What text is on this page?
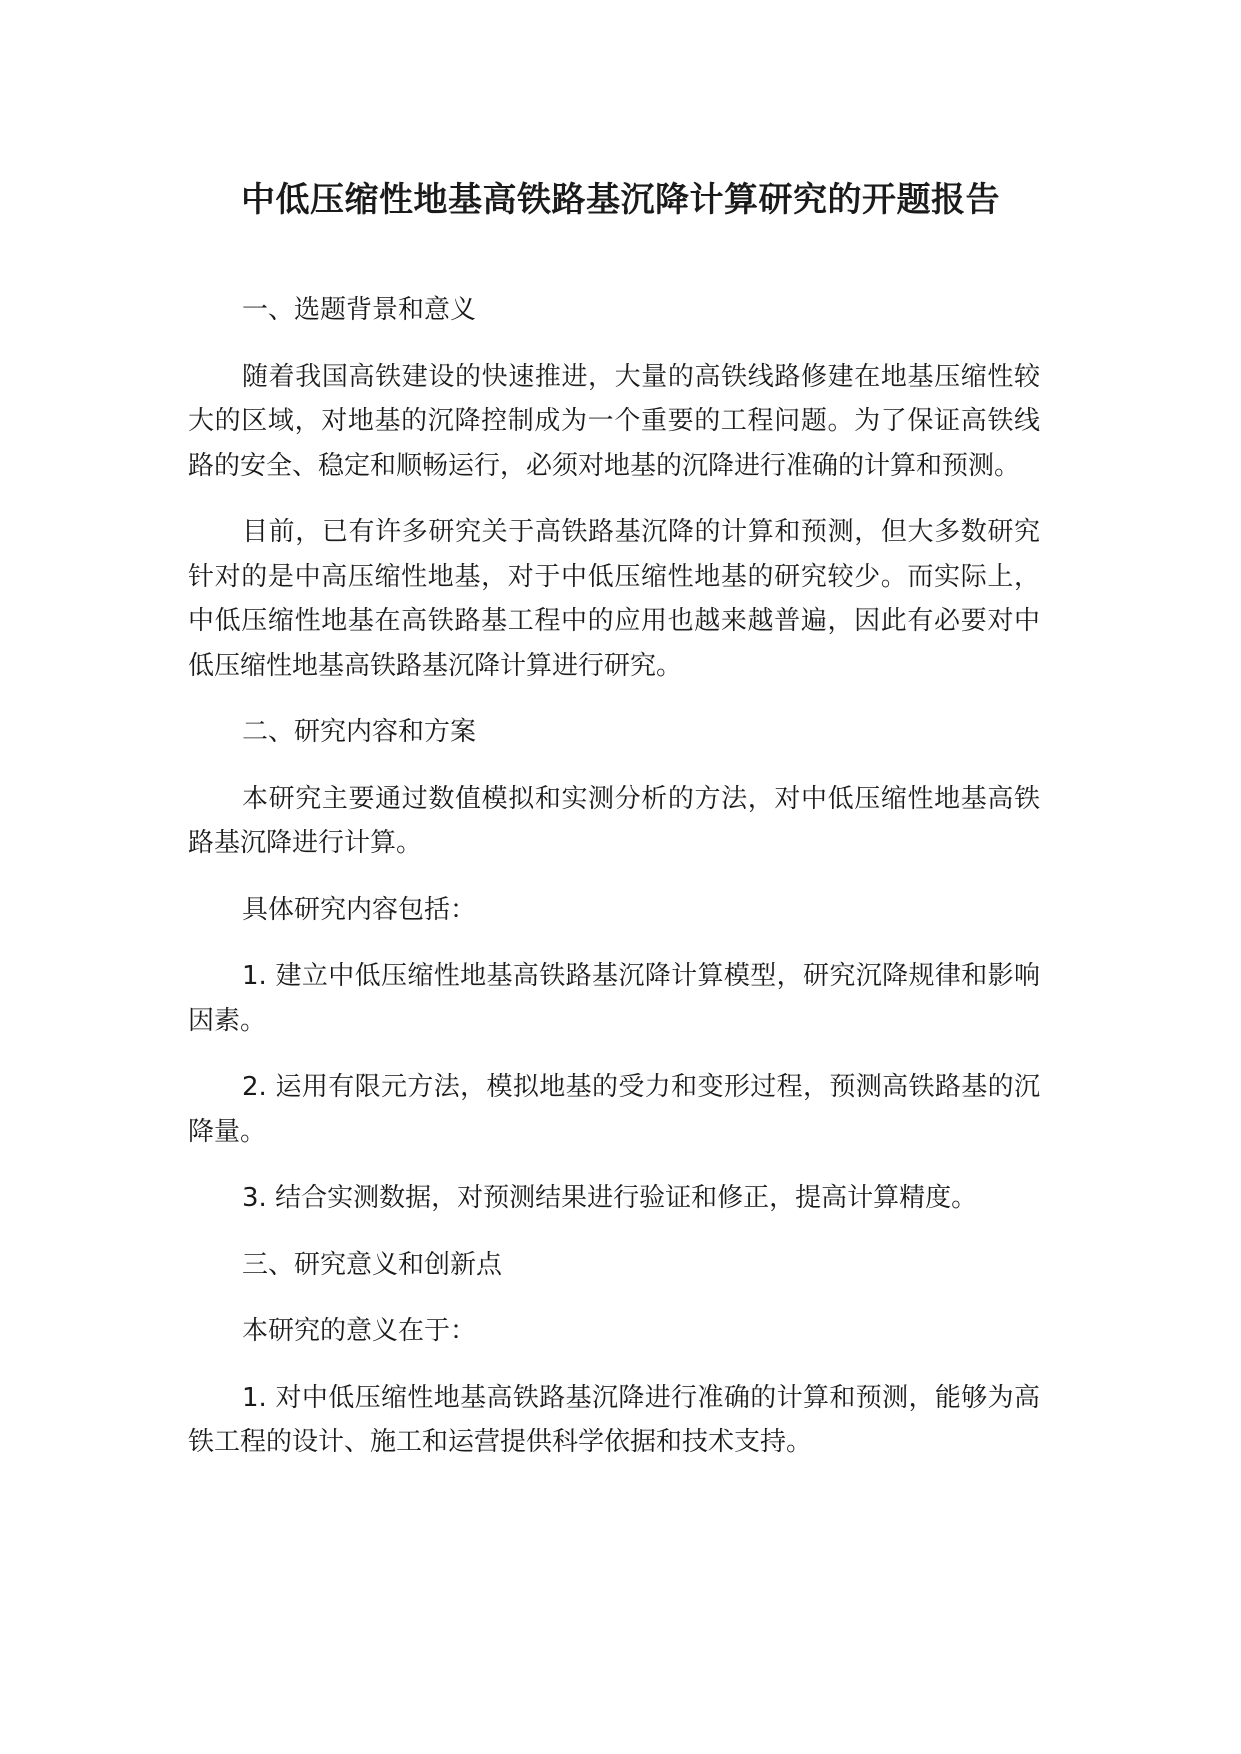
中低压缩性地基高铁路基沉降计算研究的开题报告

一、选题背景和意义

随着我国高铁建设的快速推进，大量的高铁线路修建在地基压缩性较大的区域，对地基的沉降控制成为一个重要的工程问题。为了保证高铁线路的安全、稳定和顺畅运行，必须对地基的沉降进行准确的计算和预测。

目前，已有许多研究关于高铁路基沉降的计算和预测，但大多数研究针对的是中高压缩性地基，对于中低压缩性地基的研究较少。而实际上，中低压缩性地基在高铁路基工程中的应用也越来越普遍，因此有必要对中低压缩性地基高铁路基沉降计算进行研究。

二、研究内容和方案

本研究主要通过数值模拟和实测分析的方法，对中低压缩性地基高铁路基沉降进行计算。

具体研究内容包括：

1. 建立中低压缩性地基高铁路基沉降计算模型，研究沉降规律和影响因素。

2. 运用有限元方法，模拟地基的受力和变形过程，预测高铁路基的沉降量。

3. 结合实测数据，对预测结果进行验证和修正，提高计算精度。

三、研究意义和创新点

本研究的意义在于：

1. 对中低压缩性地基高铁路基沉降进行准确的计算和预测，能够为高铁工程的设计、施工和运营提供科学依据和技术支持。
